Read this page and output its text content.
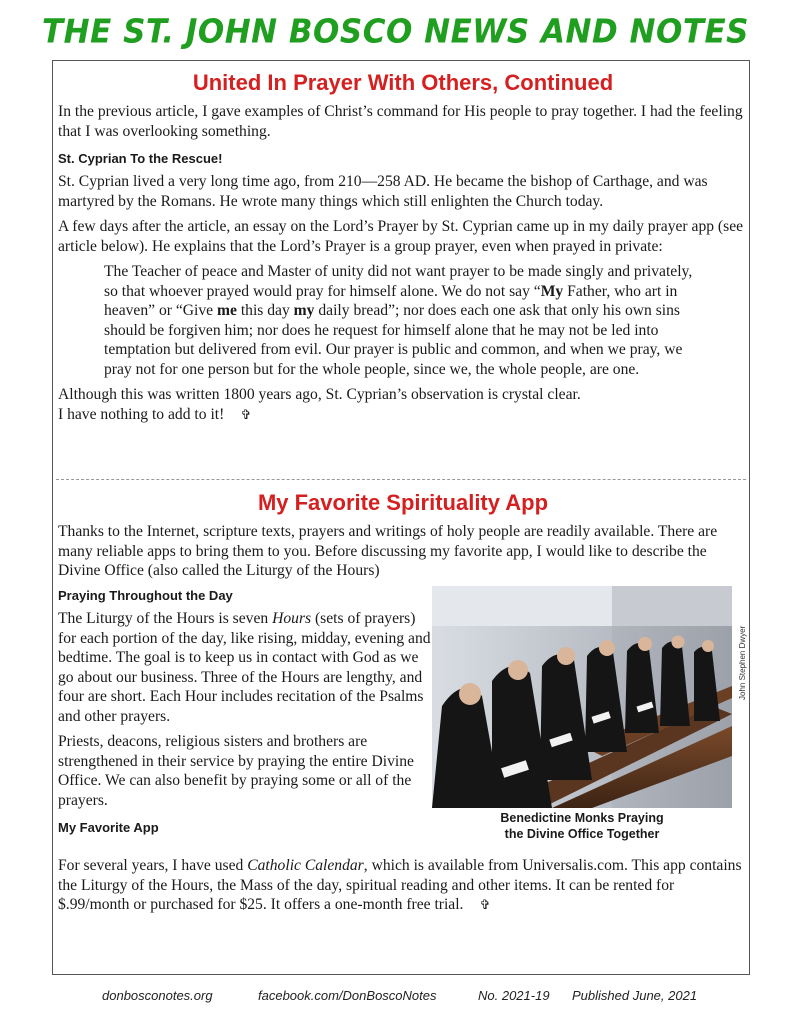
THE ST. JOHN BOSCO NEWS AND NOTES
United In Prayer With Others, Continued

In the previous article, I gave examples of Christ’s command for His people to pray together. I had the feeling that I was overlooking something.

St. Cyprian To the Rescue!

St. Cyprian lived a very long time ago, from 210—258 AD. He became the bishop of Carthage, and was martyred by the Romans. He wrote many things which still enlighten the Church today.

A few days after the article, an essay on the Lord’s Prayer by St. Cyprian came up in my daily prayer app (see article below). He explains that the Lord’s Prayer is a group prayer, even when prayed in private:

The Teacher of peace and Master of unity did not want prayer to be made singly and privately, so that whoever prayed would pray for himself alone. We do not say “My Father, who art in heaven” or “Give me this day my daily bread”; nor does each one ask that only his own sins should be forgiven him; nor does he request for himself alone that he may not be led into temptation but delivered from evil. Our prayer is public and common, and when we pray, we pray not for one person but for the whole people, since we, the whole people, are one.

Although this was written 1800 years ago, St. Cyprian’s observation is crystal clear.
I have nothing to add to it! ✞

My Favorite Spirituality App

Thanks to the Internet, scripture texts, prayers and writings of holy people are readily available. There are many reliable apps to bring them to you. Before discussing my favorite app, I would like to describe the Divine Office (also called the Liturgy of the Hours)

Praying Throughout the Day

The Liturgy of the Hours is seven Hours (sets of prayers) for each portion of the day, like rising, midday, evening and bedtime. The goal is to keep us in contact with God as we go about our business. Three of the Hours are lengthy, and four are short. Each Hour includes recitation of the Psalms and other prayers.

Priests, deacons, religious sisters and brothers are strengthened in their service by praying the entire Divine Office. We can also benefit by praying some or all of the prayers.

My Favorite App

For several years, I have used Catholic Calendar, which is available from Universalis.com. This app contains the Liturgy of the Hours, the Mass of the day, spiritual reading and other items. It can be rented for $.99/month or purchased for $25. It offers a one-month free trial. ✞

John Stephen Dwyer
Benedictine Monks Praying
the Divine Office Together
donbosconotes.org	facebook.com/DonBoscoNotes	No. 2021-19 Published June, 2021
